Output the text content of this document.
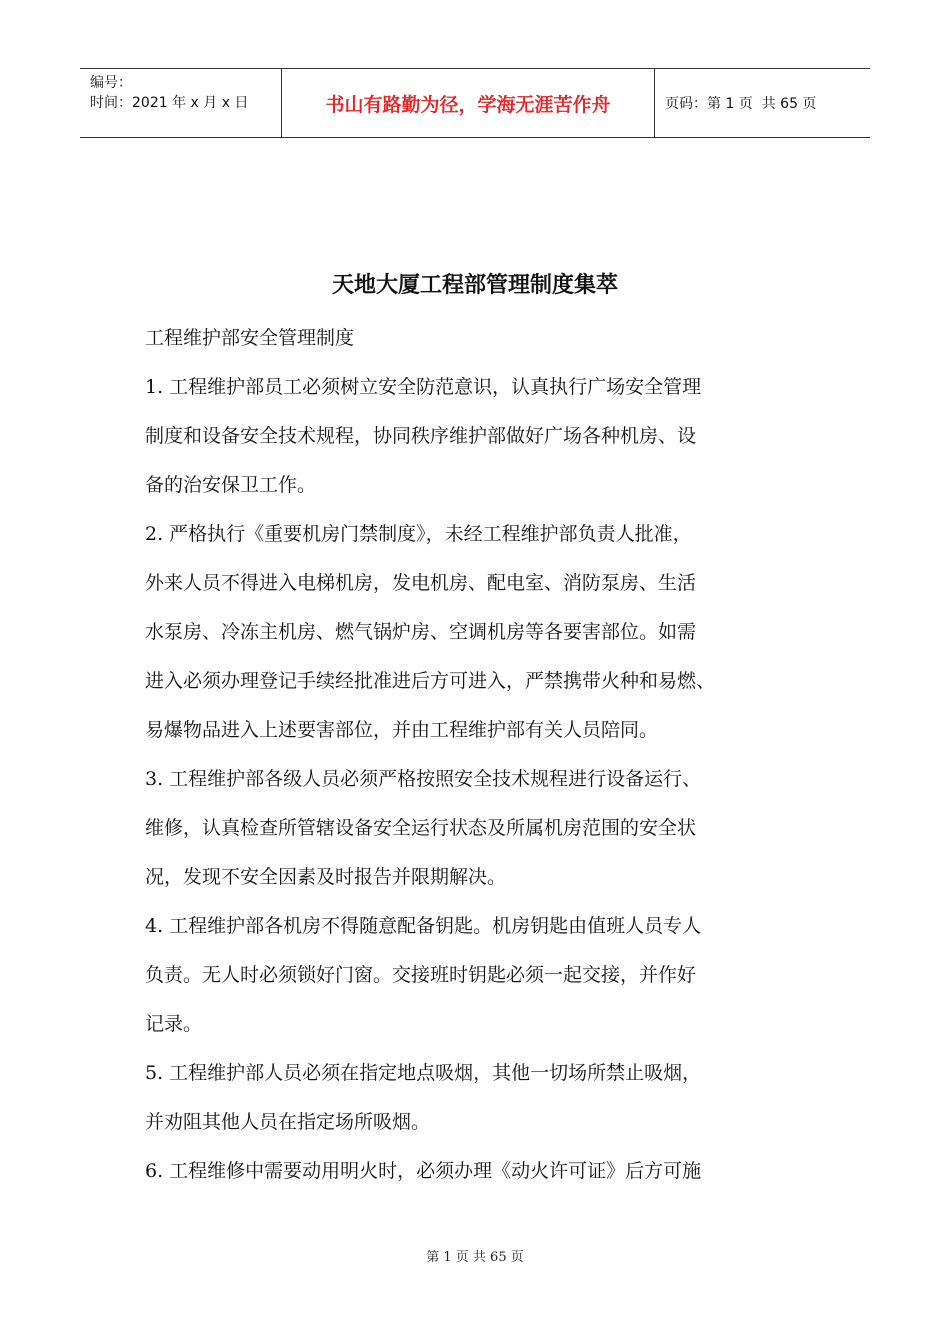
编号：
时间：2021 年 x 月 x 日	书山有路勤为径，学海无涯苦作舟	页码：第 1 页  共 65 页
天地大厦工程部管理制度集萃

工程维护部安全管理制度

1. 工程维护部员工必须树立安全防范意识，认真执行广场安全管理

制度和设备安全技术规程，协同秩序维护部做好广场各种机房、设

备的治安保卫工作。

2. 严格执行《重要机房门禁制度》，未经工程维护部负责人批准，

外来人员不得进入电梯机房，发电机房、配电室、消防泵房、生活

水泵房、冷冻主机房、燃气锅炉房、空调机房等各要害部位。如需

进入必须办理登记手续经批准进后方可进入，严禁携带火种和易燃、

易爆物品进入上述要害部位，并由工程维护部有关人员陪同。

3. 工程维护部各级人员必须严格按照安全技术规程进行设备运行、

维修，认真检查所管辖设备安全运行状态及所属机房范围的安全状

况，发现不安全因素及时报告并限期解决。

4. 工程维护部各机房不得随意配备钥匙。机房钥匙由值班人员专人

负责。无人时必须锁好门窗。交接班时钥匙必须一起交接，并作好

记录。

5. 工程维护部人员必须在指定地点吸烟，其他一切场所禁止吸烟，

并劝阻其他人员在指定场所吸烟。

6. 工程维修中需要动用明火时，必须办理《动火许可证》后方可施

第 1 页 共 65 页
